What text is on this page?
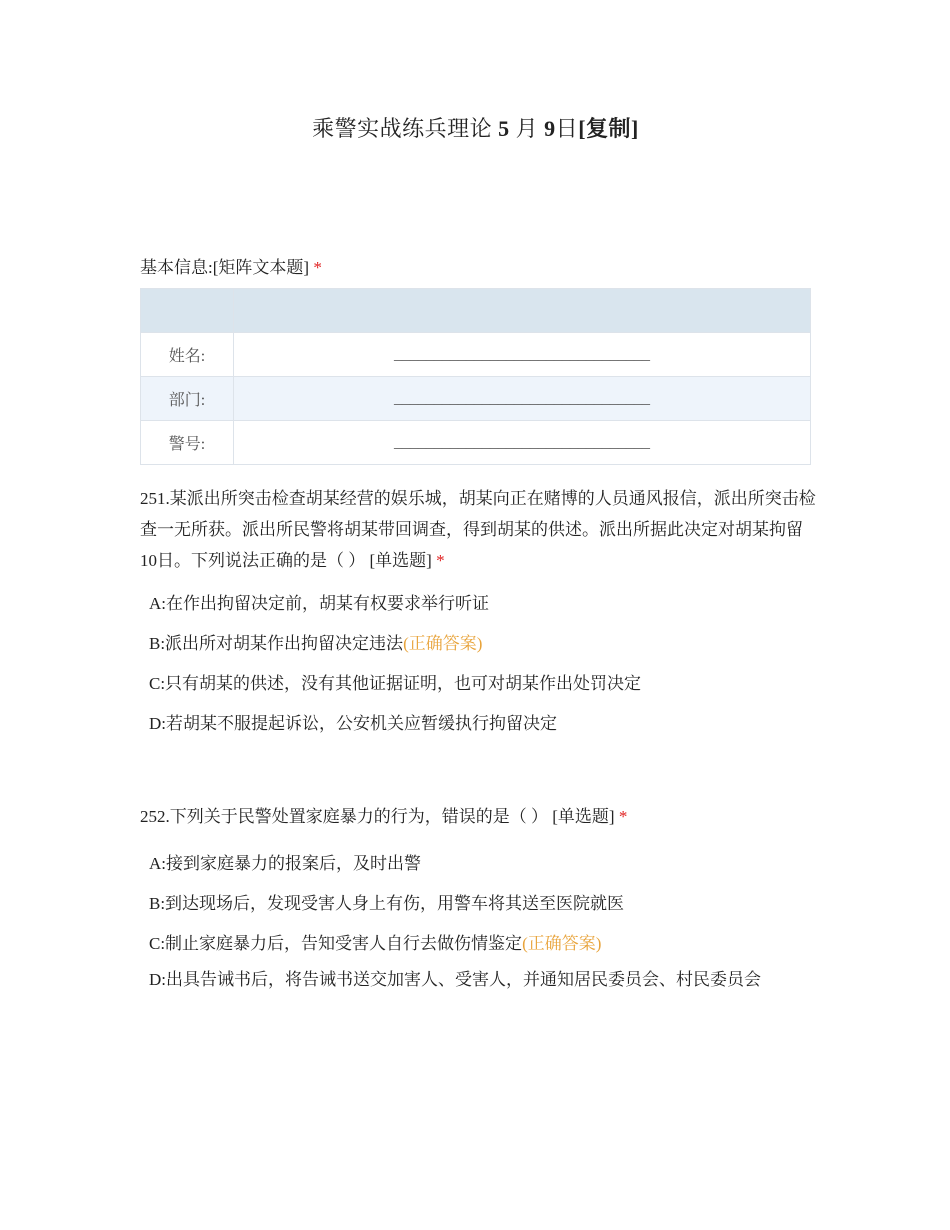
乘警实战练兵理论 5 月 9日[复制]
基本信息:[矩阵文本题] *

姓名:	________________________________
部门:	________________________________
警号:	________________________________
251.某派出所突击检查胡某经营的娱乐城，胡某向正在赌博的人员通风报信，派出所突击检查一无所获。派出所民警将胡某带回调查，得到胡某的供述。派出所据此决定对胡某拘留10日。下列说法正确的是（ ） [单选题] *
A:在作出拘留决定前，胡某有权要求举行听证
B:派出所对胡某作出拘留决定违法(正确答案)
C:只有胡某的供述，没有其他证据证明，也可对胡某作出处罚决定
D:若胡某不服提起诉讼，公安机关应暂缓执行拘留决定
252.下列关于民警处置家庭暴力的行为，错误的是（ ） [单选题] *
A:接到家庭暴力的报案后，及时出警
B:到达现场后，发现受害人身上有伤，用警车将其送至医院就医
C:制止家庭暴力后，告知受害人自行去做伤情鉴定(正确答案)
D:出具告诫书后，将告诫书送交加害人、受害人，并通知居民委员会、村民委员会
